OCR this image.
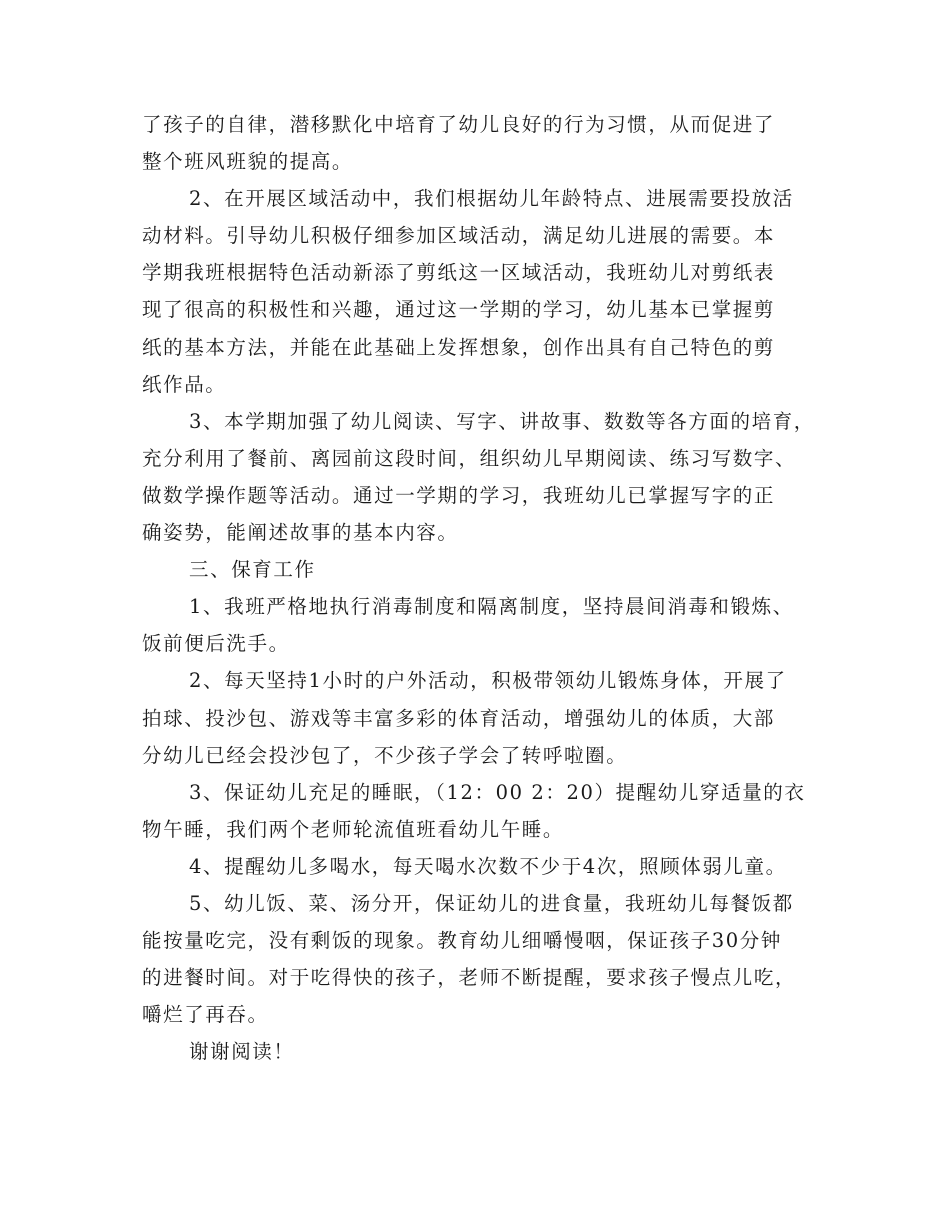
了孩子的自律，潜移默化中培育了幼儿良好的行为习惯，从而促进了
整个班风班貌的提高。
2、在开展区域活动中，我们根据幼儿年龄特点、进展需要投放活
动材料。引导幼儿积极仔细参加区域活动，满足幼儿进展的需要。本
学期我班根据特色活动新添了剪纸这一区域活动，我班幼儿对剪纸表
现了很高的积极性和兴趣，通过这一学期的学习，幼儿基本已掌握剪
纸的基本方法，并能在此基础上发挥想象，创作出具有自己特色的剪
纸作品。
3、本学期加强了幼儿阅读、写字、讲故事、数数等各方面的培育，
充分利用了餐前、离园前这段时间，组织幼儿早期阅读、练习写数字、
做数学操作题等活动。通过一学期的学习，我班幼儿已掌握写字的正
确姿势，能阐述故事的基本内容。
三、保育工作
1、我班严格地执行消毒制度和隔离制度，坚持晨间消毒和锻炼、
饭前便后洗手。
2、每天坚持1小时的户外活动，积极带领幼儿锻炼身体，开展了
拍球、投沙包、游戏等丰富多彩的体育活动，增强幼儿的体质，大部
分幼儿已经会投沙包了，不少孩子学会了转呼啦圈。
3、保证幼儿充足的睡眠，（12：00 2：20）提醒幼儿穿适量的衣
物午睡，我们两个老师轮流值班看幼儿午睡。
4、提醒幼儿多喝水，每天喝水次数不少于4次，照顾体弱儿童。
5、幼儿饭、菜、汤分开，保证幼儿的进食量，我班幼儿每餐饭都
能按量吃完，没有剩饭的现象。教育幼儿细嚼慢咽，保证孩子30分钟
的进餐时间。对于吃得快的孩子，老师不断提醒，要求孩子慢点儿吃，
嚼烂了再吞。
谢谢阅读！
